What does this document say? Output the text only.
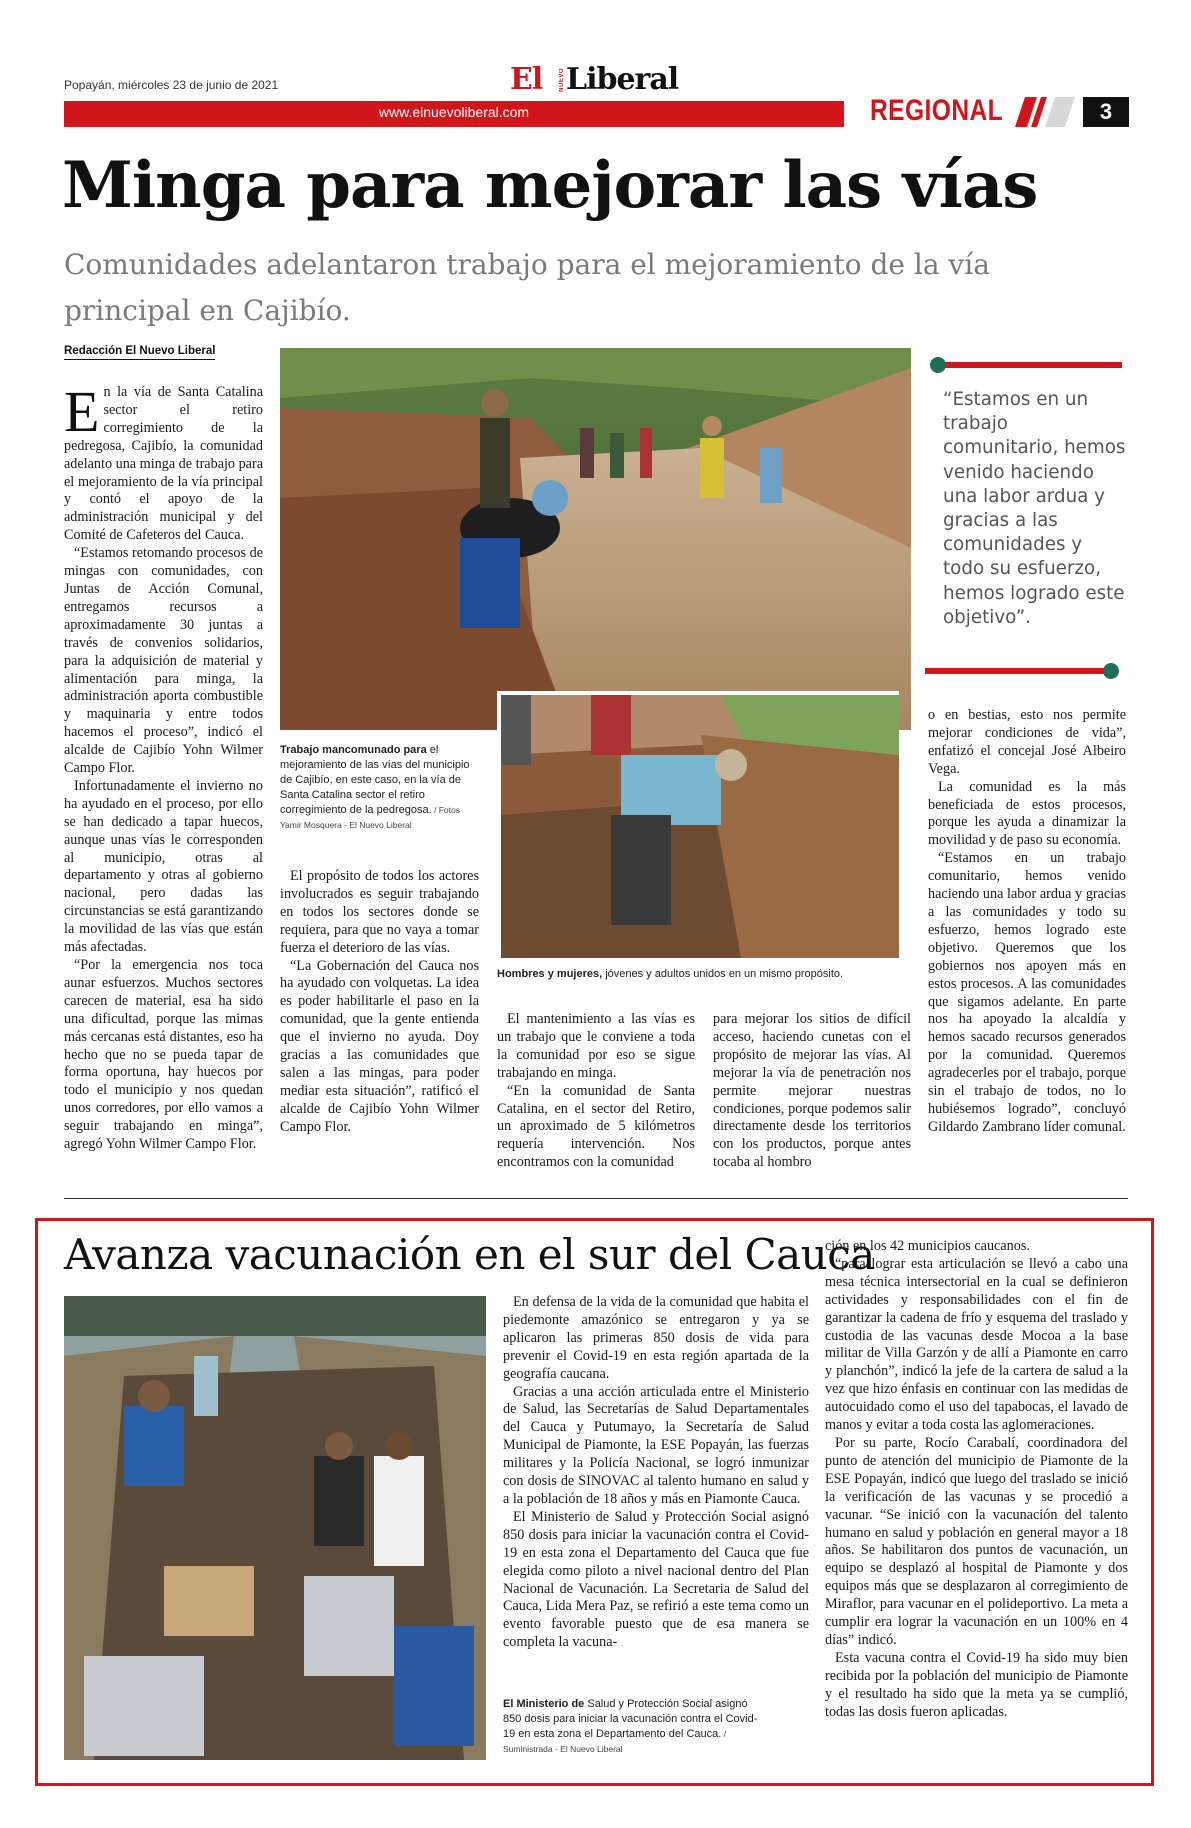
Popayán, miércoles 23 de junio de 2021	El	NUEVO Liberal
www.elnuevoliberal.com	REGIONAL	3
Minga para mejorar las vías
Comunidades adelantaron trabajo para el mejoramiento de la vía principal en Cajibío.
Redacción El Nuevo Liberal

En la vía de Santa Catalina sector el retiro corregimiento de la pedregosa, Cajibío, la comunidad adelanto una minga de trabajo para el mejoramiento de la vía principal y contó el apoyo de la administración municipal y del Comité de Cafeteros del Cauca.

“Estamos retomando procesos de mingas con comunidades, con Juntas de Acción Comunal, entregamos recursos a aproximadamente 30 juntas a través de convenios solidarios, para la adquisición de material y alimentación para minga, la administración aporta combustible y maquinaria y entre todos hacemos el proceso”, indicó el alcalde de Cajibío Yohn Wilmer Campo Flor.

Infortunadamente el invierno no ha ayudado en el proceso, por ello se han dedicado a tapar huecos, aunque unas vías le corresponden al municipio, otras al departamento y otras al gobierno nacional, pero dadas las circunstancias se está garantizando la movilidad de las vías que están más afectadas.

“Por la emergencia nos toca aunar esfuerzos. Muchos sectores carecen de material, esa ha sido una dificultad, porque las mimas más cercanas está distantes, eso ha hecho que no se pueda tapar de forma oportuna, hay huecos por todo el municipio y nos quedan unos corredores, por ello vamos a seguir trabajando en minga”, agregó Yohn Wilmer Campo Flor.

Trabajo mancomunado para el mejoramiento de las vías del municipio de Cajibío, en este caso, en la vía de Santa Catalina sector el retiro corregimiento de la pedregosa. / Fotos Yamir Mosquera - El Nuevo Liberal
Hombres y mujeres, jóvenes y adultos unidos en un mismo propósito.

El propósito de todos los actores involucrados es seguir trabajando en todos los sectores donde se requiera, para que no vaya a tomar fuerza el deterioro de las vías.

“La Gobernación del Cauca nos ha ayudado con volquetas. La idea es poder habilitarle el paso en la comunidad, que la gente entienda que el invierno no ayuda. Doy gracias a las comunidades que salen a las mingas, para poder mediar esta situación”, ratificó el alcalde de Cajibío Yohn Wilmer Campo Flor.

El mantenimiento a las vías es un trabajo que le conviene a toda la comunidad por eso se sigue trabajando en minga.

“En la comunidad de Santa Catalina, en el sector del Retiro, un aproximado de 5 kilómetros requería intervención. Nos encontramos con la comunidad

para mejorar los sitios de difícil acceso, haciendo cunetas con el propósito de mejorar las vías. Al mejorar la vía de penetración nos permite mejorar nuestras condiciones, porque podemos salir directamente desde los territorios con los productos, porque antes tocaba al hombro

“Estamos en un trabajo comunitario, hemos venido haciendo una labor ardua y gracias a las comunidades y todo su esfuerzo, hemos logrado este objetivo”.

o en bestias, esto nos permite mejorar condiciones de vida”, enfatizó el concejal José Albeiro Vega.

La comunidad es la más beneficiada de estos procesos, porque les ayuda a dinamizar la movilidad y de paso su economía.

“Estamos en un trabajo comunitario, hemos venido haciendo una labor ardua y gracias a las comunidades y todo su esfuerzo, hemos logrado este objetivo. Queremos que los gobiernos nos apoyen más en estos procesos. A las comunidades que sigamos adelante. En parte nos ha apoyado la alcaldía y hemos sacado recursos generados por la comunidad. Queremos agradecerles por el trabajo, porque sin el trabajo de todos, no lo hubiésemos logrado”, concluyó Gildardo Zambrano líder comunal.

Avanza vacunación en el sur del Cauca
El Ministerio de Salud y Protección Social asignó 850 dosis para iniciar la vacunación contra el Covid-19 en esta zona el Departamento del Cauca. / Suministrada - El Nuevo Liberal

En defensa de la vida de la comunidad que habita el piedemonte amazónico se entregaron y ya se aplicaron las primeras 850 dosis de vida para prevenir el Covid-19 en esta región apartada de la geografía caucana.

Gracias a una acción articulada entre el Ministerio de Salud, las Secretarías de Salud Departamentales del Cauca y Putumayo, la Secretaría de Salud Municipal de Piamonte, la ESE Popayán, las fuerzas militares y la Policía Nacional, se logró inmunizar con dosis de SINOVAC al talento humano en salud y a la población de 18 años y más en Piamonte Cauca.

El Ministerio de Salud y Protección Social asignó 850 dosis para iniciar la vacunación contra el Covid-19 en esta zona el Departamento del Cauca que fue elegida como piloto a nivel nacional dentro del Plan Nacional de Vacunación. La Secretaria de Salud del Cauca, Lida Mera Paz, se refirió a este tema como un evento favorable puesto que de esa manera se completa la vacuna-

ción en los 42 municipios caucanos.

“para lograr esta articulación se llevó a cabo una mesa técnica intersectorial en la cual se definieron actividades y responsabilidades con el fin de garantizar la cadena de frío y esquema del traslado y custodia de las vacunas desde Mocoa a la base militar de Villa Garzón y de allí a Piamonte en carro y planchón”, indicó la jefe de la cartera de salud a la vez que hizo énfasis en continuar con las medidas de autocuidado como el uso del tapabocas, el lavado de manos y evitar a toda costa las aglomeraciones.

Por su parte, Rocío Carabalí, coordinadora del punto de atención del municipio de Piamonte de la ESE Popayán, indicó que luego del traslado se inició la verificación de las vacunas y se procedió a vacunar. “Se inició con la vacunación del talento humano en salud y población en general mayor a 18 años. Se habilitaron dos puntos de vacunación, un equipo se desplazó al hospital de Piamonte y dos equipos más que se desplazaron al corregimiento de Miraflor, para vacunar en el polideportivo. La meta a cumplir era lograr la vacunación en un 100% en 4 días” indicó.

Esta vacuna contra el Covid-19 ha sido muy bien recibida por la población del municipio de Piamonte y el resultado ha sido que la meta ya se cumplió, todas las dosis fueron aplicadas.
